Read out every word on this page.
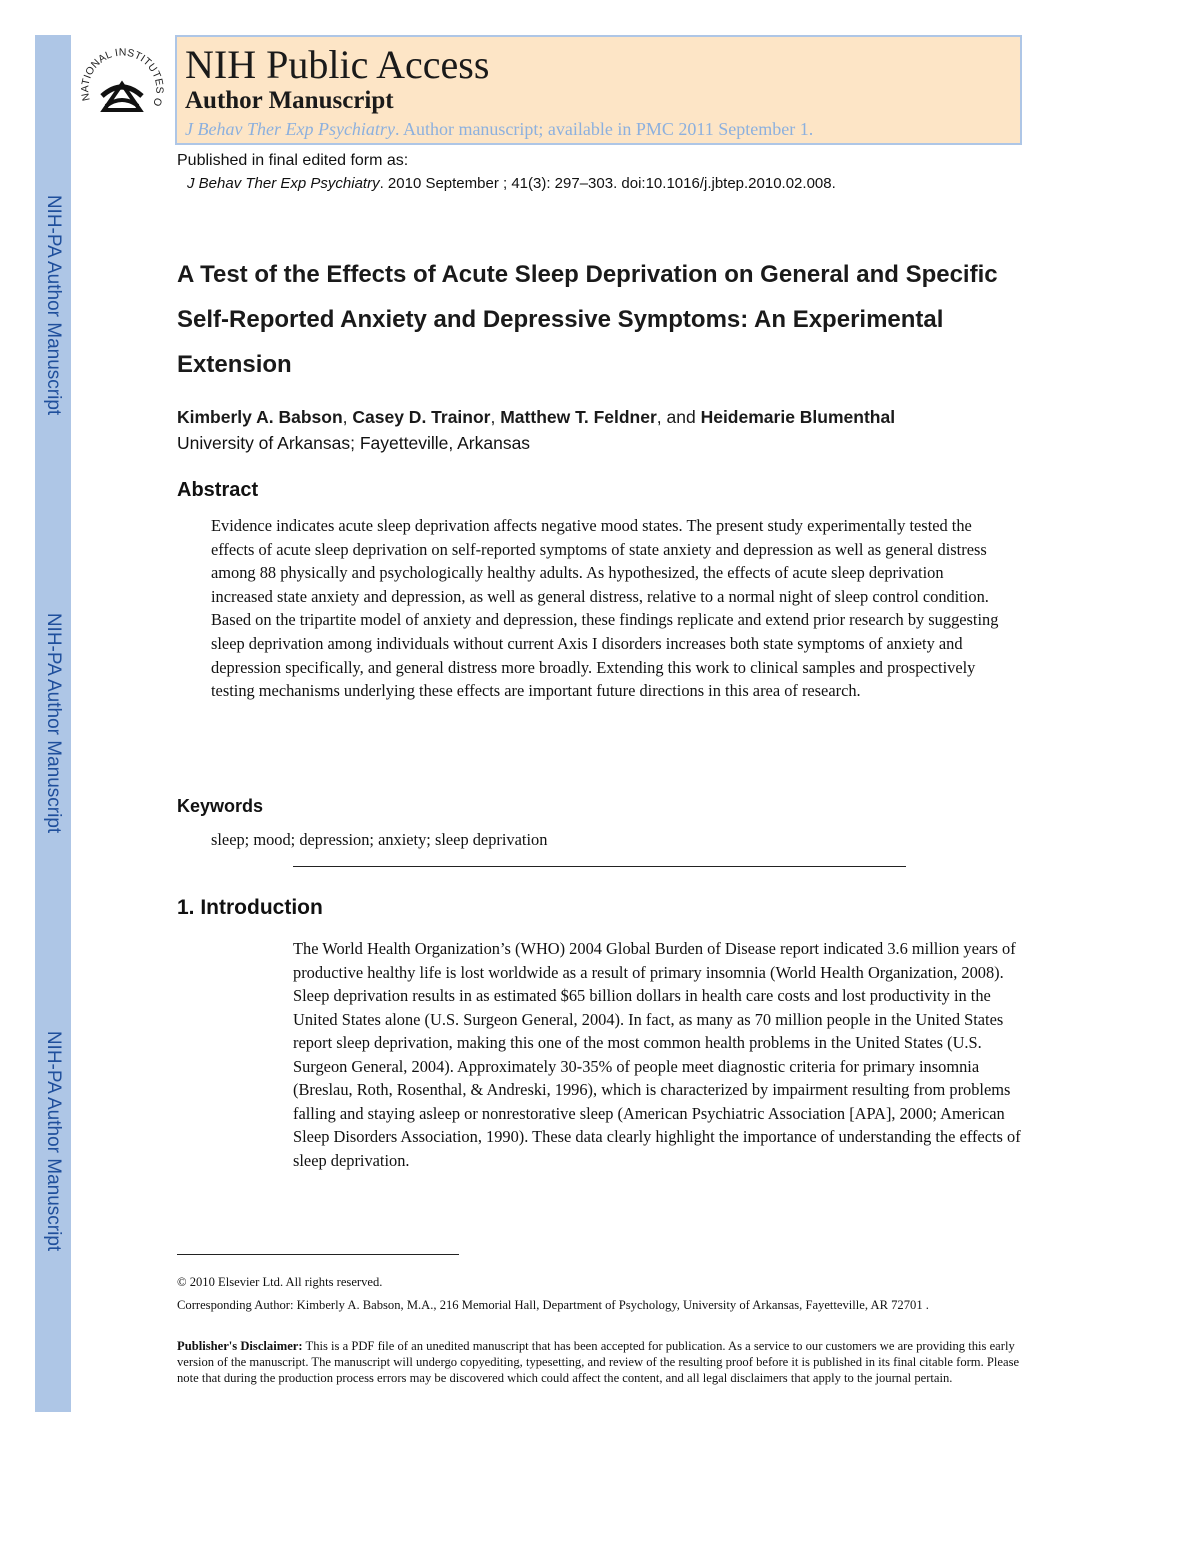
NIH-PA Author Manuscript
NIH-PA Author Manuscript
NIH-PA Author Manuscript
NATIONAL INSTITUTES O
NIH Public Access
Author Manuscript
J Behav Ther Exp Psychiatry. Author manuscript; available in PMC 2011 September 1.
Published in final edited form as:
J Behav Ther Exp Psychiatry. 2010 September ; 41(3): 297–303. doi:10.1016/j.jbtep.2010.02.008.
A Test of the Effects of Acute Sleep Deprivation on General and Specific Self-Reported Anxiety and Depressive Symptoms: An Experimental Extension
Kimberly A. Babson, Casey D. Trainor, Matthew T. Feldner, and Heidemarie Blumenthal
University of Arkansas; Fayetteville, Arkansas
Abstract
Evidence indicates acute sleep deprivation affects negative mood states. The present study experimentally tested the effects of acute sleep deprivation on self-reported symptoms of state anxiety and depression as well as general distress among 88 physically and psychologically healthy adults. As hypothesized, the effects of acute sleep deprivation increased state anxiety and depression, as well as general distress, relative to a normal night of sleep control condition. Based on the tripartite model of anxiety and depression, these findings replicate and extend prior research by suggesting sleep deprivation among individuals without current Axis I disorders increases both state symptoms of anxiety and depression specifically, and general distress more broadly. Extending this work to clinical samples and prospectively testing mechanisms underlying these effects are important future directions in this area of research.
Keywords
sleep; mood; depression; anxiety; sleep deprivation
1. Introduction
The World Health Organization’s (WHO) 2004 Global Burden of Disease report indicated 3.6 million years of productive healthy life is lost worldwide as a result of primary insomnia (World Health Organization, 2008). Sleep deprivation results in as estimated $65 billion dollars in health care costs and lost productivity in the United States alone (U.S. Surgeon General, 2004). In fact, as many as 70 million people in the United States report sleep deprivation, making this one of the most common health problems in the United States (U.S. Surgeon General, 2004). Approximately 30-35% of people meet diagnostic criteria for primary insomnia (Breslau, Roth, Rosenthal, & Andreski, 1996), which is characterized by impairment resulting from problems falling and staying asleep or nonrestorative sleep (American Psychiatric Association [APA], 2000; American Sleep Disorders Association, 1990). These data clearly highlight the importance of understanding the effects of sleep deprivation.
© 2010 Elsevier Ltd. All rights reserved.
Corresponding Author: Kimberly A. Babson, M.A., 216 Memorial Hall, Department of Psychology, University of Arkansas, Fayetteville, AR 72701 .
Publisher's Disclaimer: This is a PDF file of an unedited manuscript that has been accepted for publication. As a service to our customers we are providing this early version of the manuscript. The manuscript will undergo copyediting, typesetting, and review of the resulting proof before it is published in its final citable form. Please note that during the production process errors may be discovered which could affect the content, and all legal disclaimers that apply to the journal pertain.
